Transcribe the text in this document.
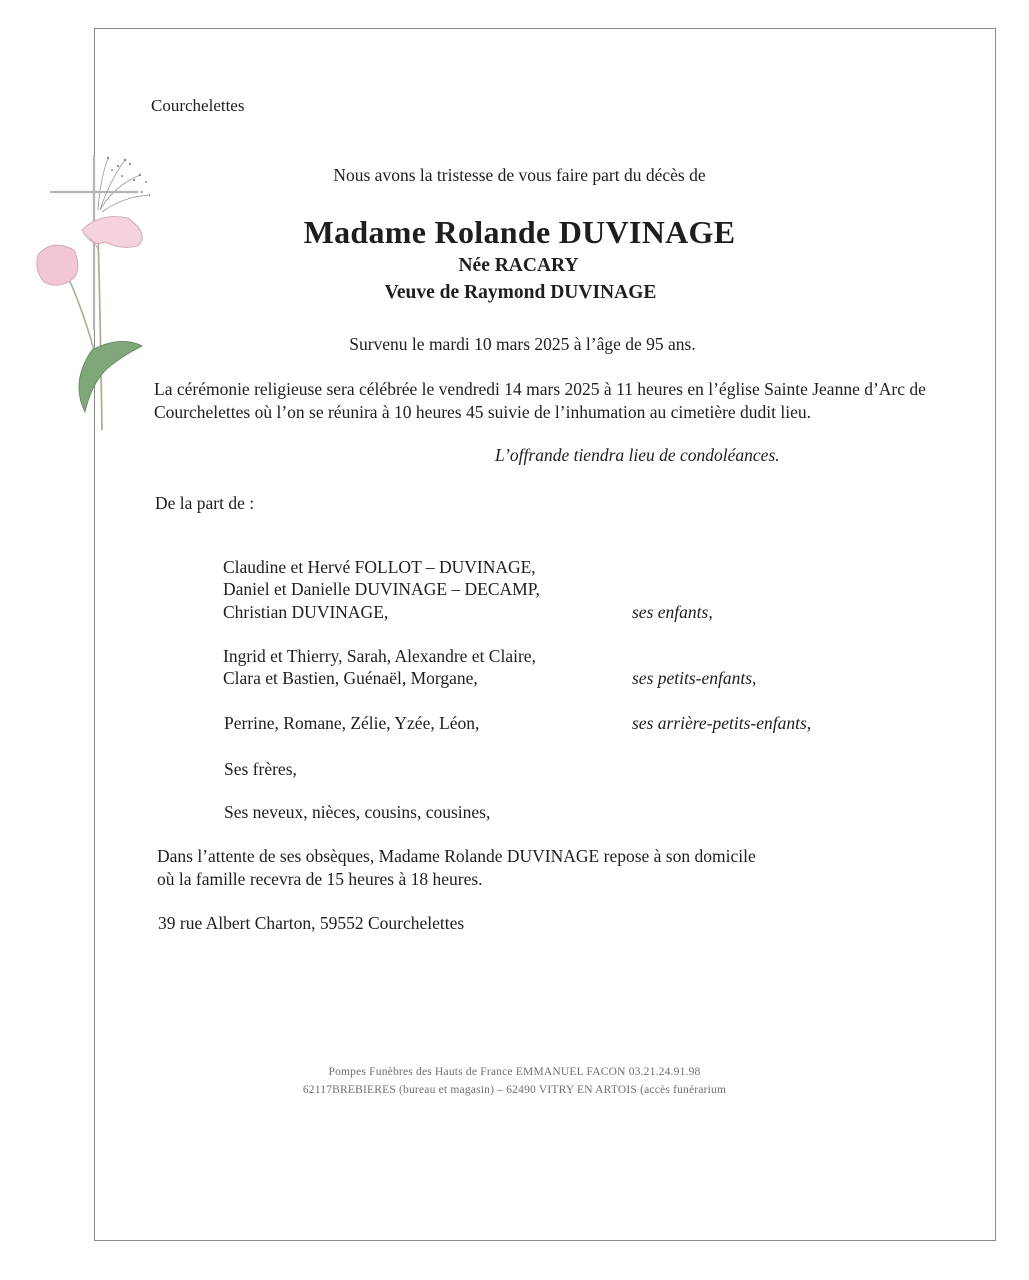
Courchelettes
Nous avons la tristesse de vous faire part du décès de
Madame Rolande DUVINAGE
Née RACARY
Veuve de Raymond DUVINAGE
Survenu le mardi 10 mars 2025 à l’âge de 95 ans.
La cérémonie religieuse sera célébrée le vendredi 14 mars 2025 à 11 heures en l’église Sainte Jeanne d’Arc de Courchelettes où l’on se réunira à 10 heures 45 suivie de l’inhumation au cimetière dudit lieu.
L’offrande tiendra lieu de condoléances.
De la part de :
Claudine et Hervé FOLLOT – DUVINAGE,
Daniel et Danielle DUVINAGE – DECAMP,
Christian DUVINAGE,	ses enfants,
Ingrid et Thierry, Sarah, Alexandre et Claire,
Clara et Bastien, Guénaël, Morgane,	ses petits-enfants,
Perrine, Romane, Zélie, Yzée, Léon,	ses arrière-petits-enfants,
Ses frères,
Ses neveux, nièces, cousins, cousines,
Dans l’attente de ses obsèques, Madame Rolande DUVINAGE repose à son domicile
où la famille recevra de 15 heures à 18 heures.
39 rue Albert Charton, 59552 Courchelettes
Pompes Funèbres des Hauts de France EMMANUEL FACON 03.21.24.91.98
62117BREBIERES (bureau et magasin) – 62490 VITRY EN ARTOIS (accès funérarium
